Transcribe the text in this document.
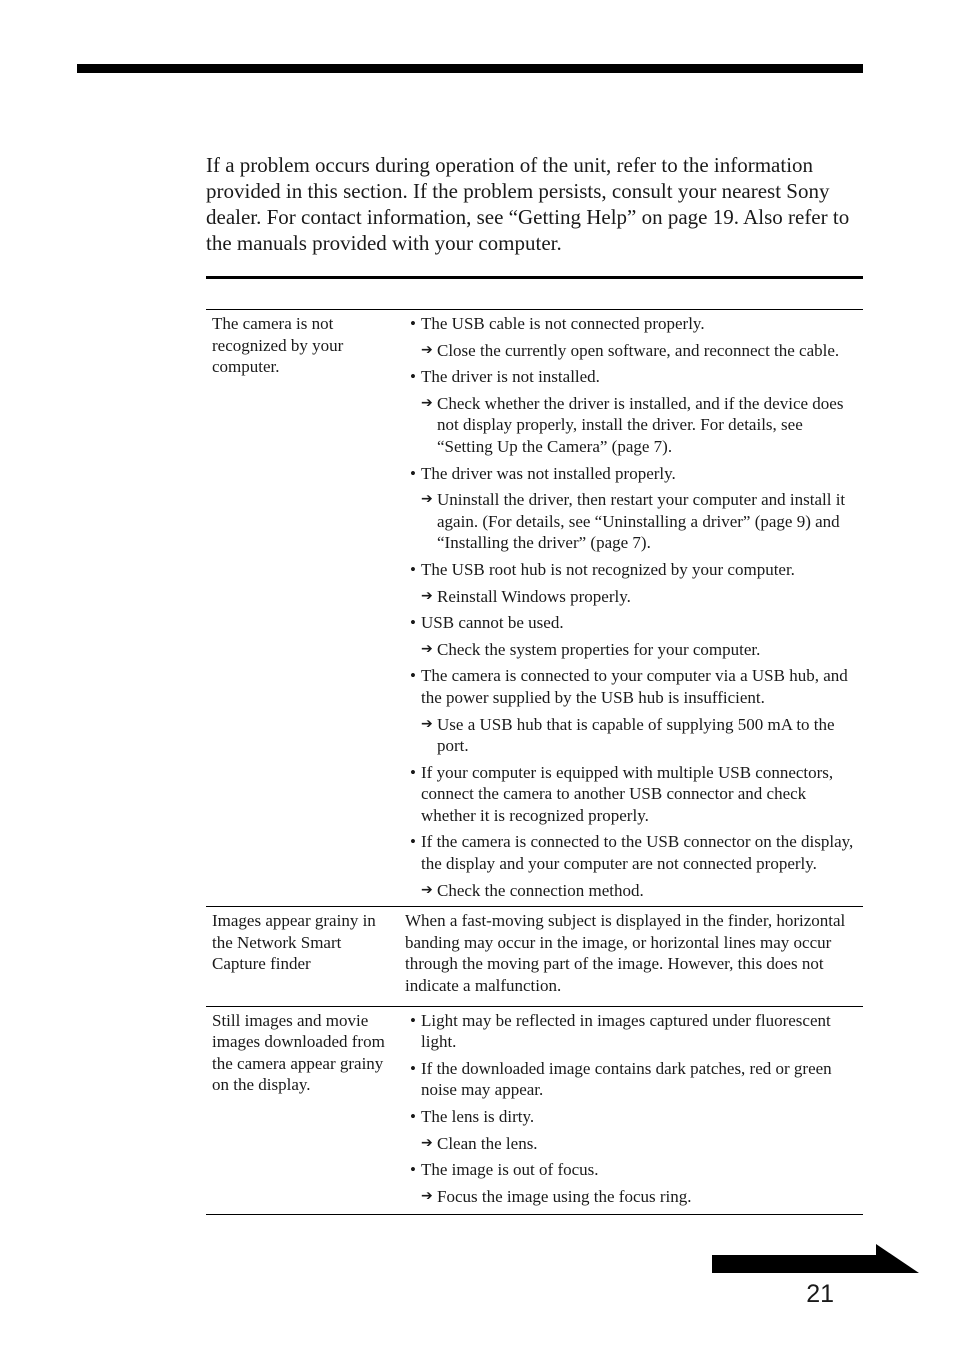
If a problem occurs during operation of the unit, refer to the information provided in this section. If the problem persists, consult your nearest Sony dealer. For contact information, see “Getting Help” on page 19. Also refer to the manuals provided with your computer.

The camera is not recognized by your computer.
• The USB cable is not connected properly.
➔ Close the currently open software, and reconnect the cable.
• The driver is not installed.
➔ Check whether the driver is installed, and if the device does not display properly, install the driver. For details, see “Setting Up the Camera” (page 7).
• The driver was not installed properly.
➔ Uninstall the driver, then restart your computer and install it again. (For details, see “Uninstalling a driver” (page 9) and “Installing the driver” (page 7).
• The USB root hub is not recognized by your computer.
➔ Reinstall Windows properly.
• USB cannot be used.
➔ Check the system properties for your computer.
• The camera is connected to your computer via a USB hub, and the power supplied by the USB hub is insufficient.
➔ Use a USB hub that is capable of supplying 500 mA to the port.
• If your computer is equipped with multiple USB connectors, connect the camera to another USB connector and check whether it is recognized properly.
• If the camera is connected to the USB connector on the display, the display and your computer are not connected properly.
➔ Check the connection method.
Images appear grainy in the Network Smart Capture finder
When a fast-moving subject is displayed in the finder, horizontal banding may occur in the image, or horizontal lines may occur through the moving part of the image. However, this does not indicate a malfunction.
Still images and movie images downloaded from the camera appear grainy on the display.
• Light may be reflected in images captured under fluorescent light.
• If the downloaded image contains dark patches, red or green noise may appear.
• The lens is dirty.
➔ Clean the lens.
• The image is out of focus.
➔ Focus the image using the focus ring.
21
